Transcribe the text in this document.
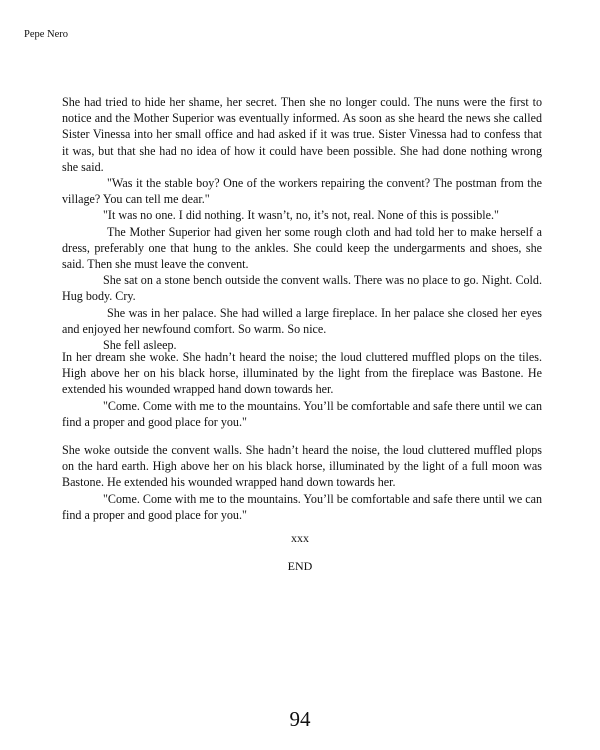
Pepe Nero

She had tried to hide her shame, her secret. Then she no longer could. The nuns were the first to notice and the Mother Superior was eventually informed. As soon as she heard the news she called Sister Vinessa into her small office and had asked if it was true. Sister Vinessa had to confess that it was, but that she had no idea of how it could have been possible. She had done nothing wrong she said.

"Was it the stable boy? One of the workers repairing the convent? The postman from the village? You can tell me dear."

"It was no one. I did nothing. It wasn’t, no, it’s not, real. None of this is possible."

The Mother Superior had given her some rough cloth and had told her to make herself a dress, preferably one that hung to the ankles. She could keep the undergarments and shoes, she said. Then she must leave the convent.

She sat on a stone bench outside the convent walls. There was no place to go. Night. Cold. Hug body. Cry.

She was in her palace. She had willed a large fireplace. In her palace she closed her eyes and enjoyed her newfound comfort. So warm. So nice.

She fell asleep.

In her dream she woke. She hadn’t heard the noise; the loud cluttered muffled plops on the tiles. High above her on his black horse, illuminated by the light from the fireplace was Bastone. He extended his wounded wrapped hand down towards her.

"Come. Come with me to the mountains. You’ll be comfortable and safe there until we can find a proper and good place for you."

She woke outside the convent walls. She hadn’t heard the noise, the loud cluttered muffled plops on the hard earth. High above her on his black horse, illuminated by the light of a full moon was Bastone. He extended his wounded wrapped hand down towards her.

"Come. Come with me to the mountains. You’ll be comfortable and safe there until we can find a proper and good place for you."

xxx
END
94
